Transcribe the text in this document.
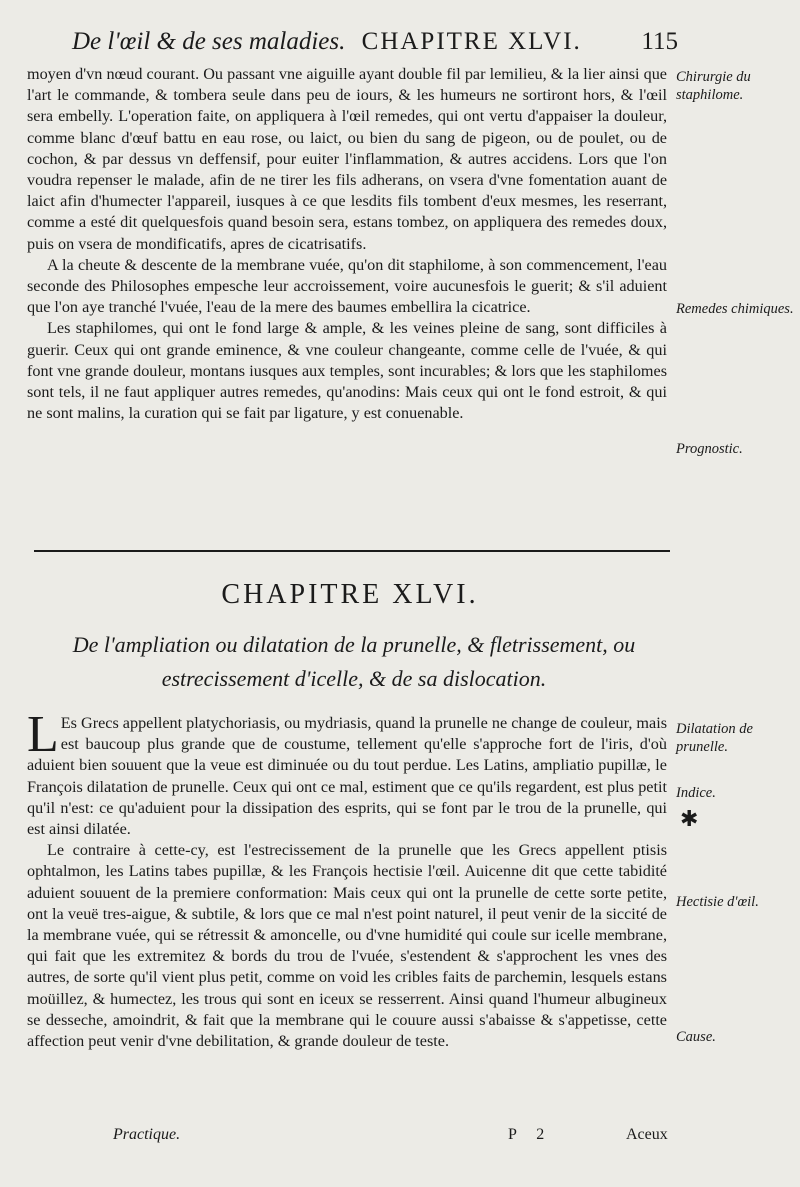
De l'œil & de ses maladies. CHAPITRE XLVI. 115

moyen d'vn nœud courant. Ou passant vne aiguille ayant double fil par lemilieu, & la lier ainsi que l'art le commande, & tombera seule dans peu de iours, & les humeurs ne sortiront hors, & l'œil sera embelly. L'operation faite, on appliquera à l'œil remedes, qui ont vertu d'appaiser la douleur, comme blanc d'œuf battu en eau rose, ou laict, ou bien du sang de pigeon, ou de poulet, ou de cochon, & par dessus vn deffensif, pour euiter l'inflammation, & autres accidens. Lors que l'on voudra repenser le malade, afin de ne tirer les fils adherans, on vsera d'vne fomentation auant de laict afin d'humecter l'appareil, iusques à ce que lesdits fils tombent d'eux mesmes, les reserrant, comme a esté dit quelquesfois quand besoin sera, estans tombez, on appliquera des remedes doux, puis on vsera de mondificatifs, apres de cicatrisatifs.

A la cheute & descente de la membrane vuée, qu'on dit staphilome, à son commencement, l'eau seconde des Philosophes empesche leur accroissement, voire aucunesfois le guerit; & s'il aduient que l'on aye tranché l'vuée, l'eau de la mere des baumes embellira la cicatrice.

Les staphilomes, qui ont le fond large & ample, & les veines pleine de sang, sont difficiles à guerir. Ceux qui ont grande eminence, & vne couleur changeante, comme celle de l'vuée, & qui font vne grande douleur, montans iusques aux temples, sont incurables; & lors que les staphilomes sont tels, il ne faut appliquer autres remedes, qu'anodins: Mais ceux qui ont le fond estroit, & qui ne sont malins, la curation qui se fait par ligature, y est conuenable.

CHAPITRE XLVI.
De l'ampliation ou dilatation de la prunelle, & fletrissement, ou estrecissement d'icelle, & de sa dislocation.

L Es Grecs appellent platychoriasis, ou mydriasis, quand la prunelle ne change de couleur, mais est baucoup plus grande que de coustume, tellement qu'elle s'approche fort de l'iris, d'où aduient bien souuent que la veue est diminuée ou du tout perdue. Les Latins, ampliatio pupillæ, le François dilatation de prunelle. Ceux qui ont ce mal, estiment que ce qu'ils regardent, est plus petit qu'il n'est: ce qu'aduient pour la dissipation des esprits, qui se font par le trou de la prunelle, qui est ainsi dilatée.

Le contraire à cette-cy, est l'estrecissement de la prunelle que les Grecs appellent ptisis ophtalmon, les Latins tabes pupillæ, & les François hectisie l'œil. Auicenne dit que cette tabidité aduient souuent de la premiere conformation: Mais ceux qui ont la prunelle de cette sorte petite, ont la veuë tres-aigue, & subtile, & lors que ce mal n'est point naturel, il peut venir de la siccité de la membrane vuée, qui se rétressit & amoncelle, ou d'vne humidité qui coule sur icelle membrane, qui fait que les extremitez & bords du trou de l'vuée, s'estendent & s'approchent les vnes des autres, de sorte qu'il vient plus petit, comme on void les cribles faits de parchemin, lesquels estans moüillez, & humectez, les trous qui sont en iceux se resserrent. Ainsi quand l'humeur albugineux se desseche, amoindrit, & fait que la membrane qui le couure aussi s'abaisse & s'appetisse, cette affection peut venir d'vne debilitation, & grande douleur de teste.

Chirurgie du staphilome.
Remedes chimiques.
Prognostic.
Dilatation de prunelle.
Indice.
✱
Hectisie d'œil.
Cause.
Practique.	P 2	Aceux
